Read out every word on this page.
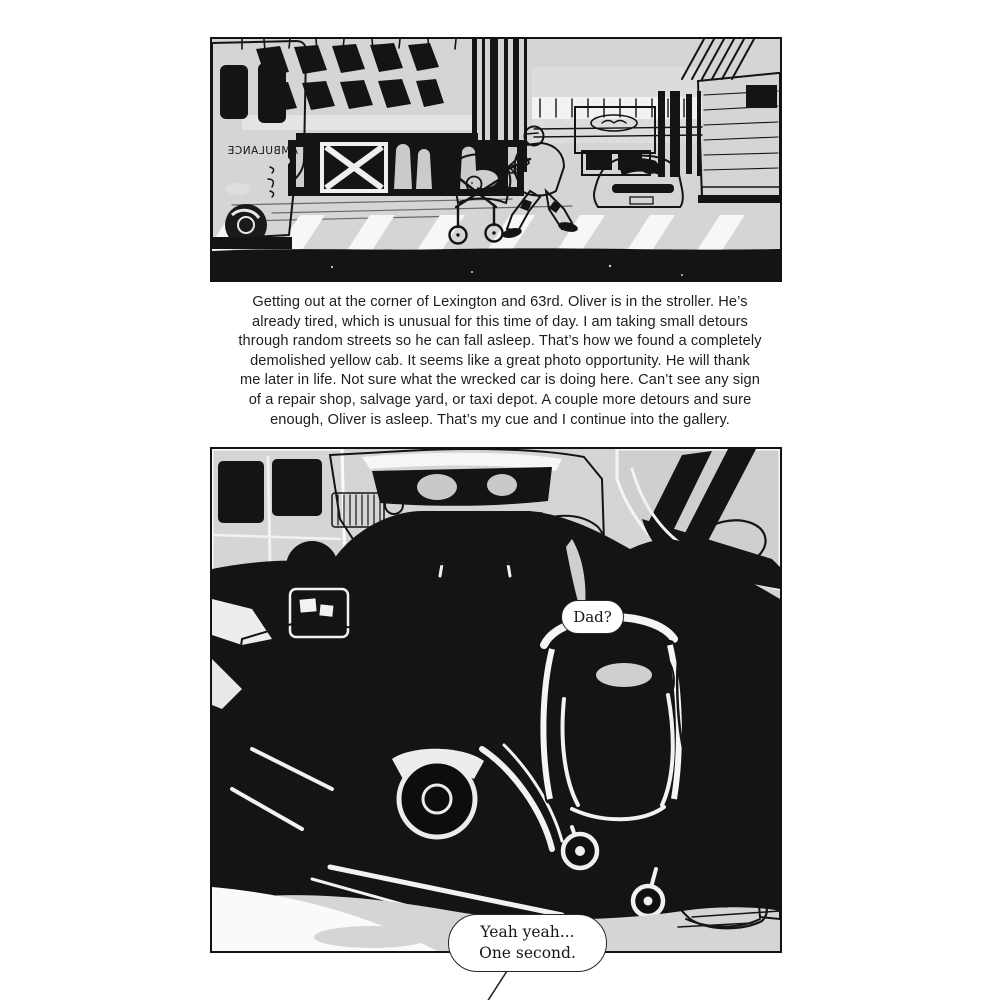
AMBULANCE
Getting out at the corner of Lexington and 63rd. Oliver is in the stroller. He’s
already tired, which is unusual for this time of day. I am taking small detours
through random streets so he can fall asleep. That’s how we found a completely
demolished yellow cab. It seems like a great photo opportunity. He will thank
me later in life. Not sure what the wrecked car is doing here. Can’t see any sign
of a repair shop, salvage yard, or taxi depot. A couple more detours and sure
enough, Oliver is asleep. That’s my cue and I continue into the gallery.
Dad?
Yeah yeah...
One second.
